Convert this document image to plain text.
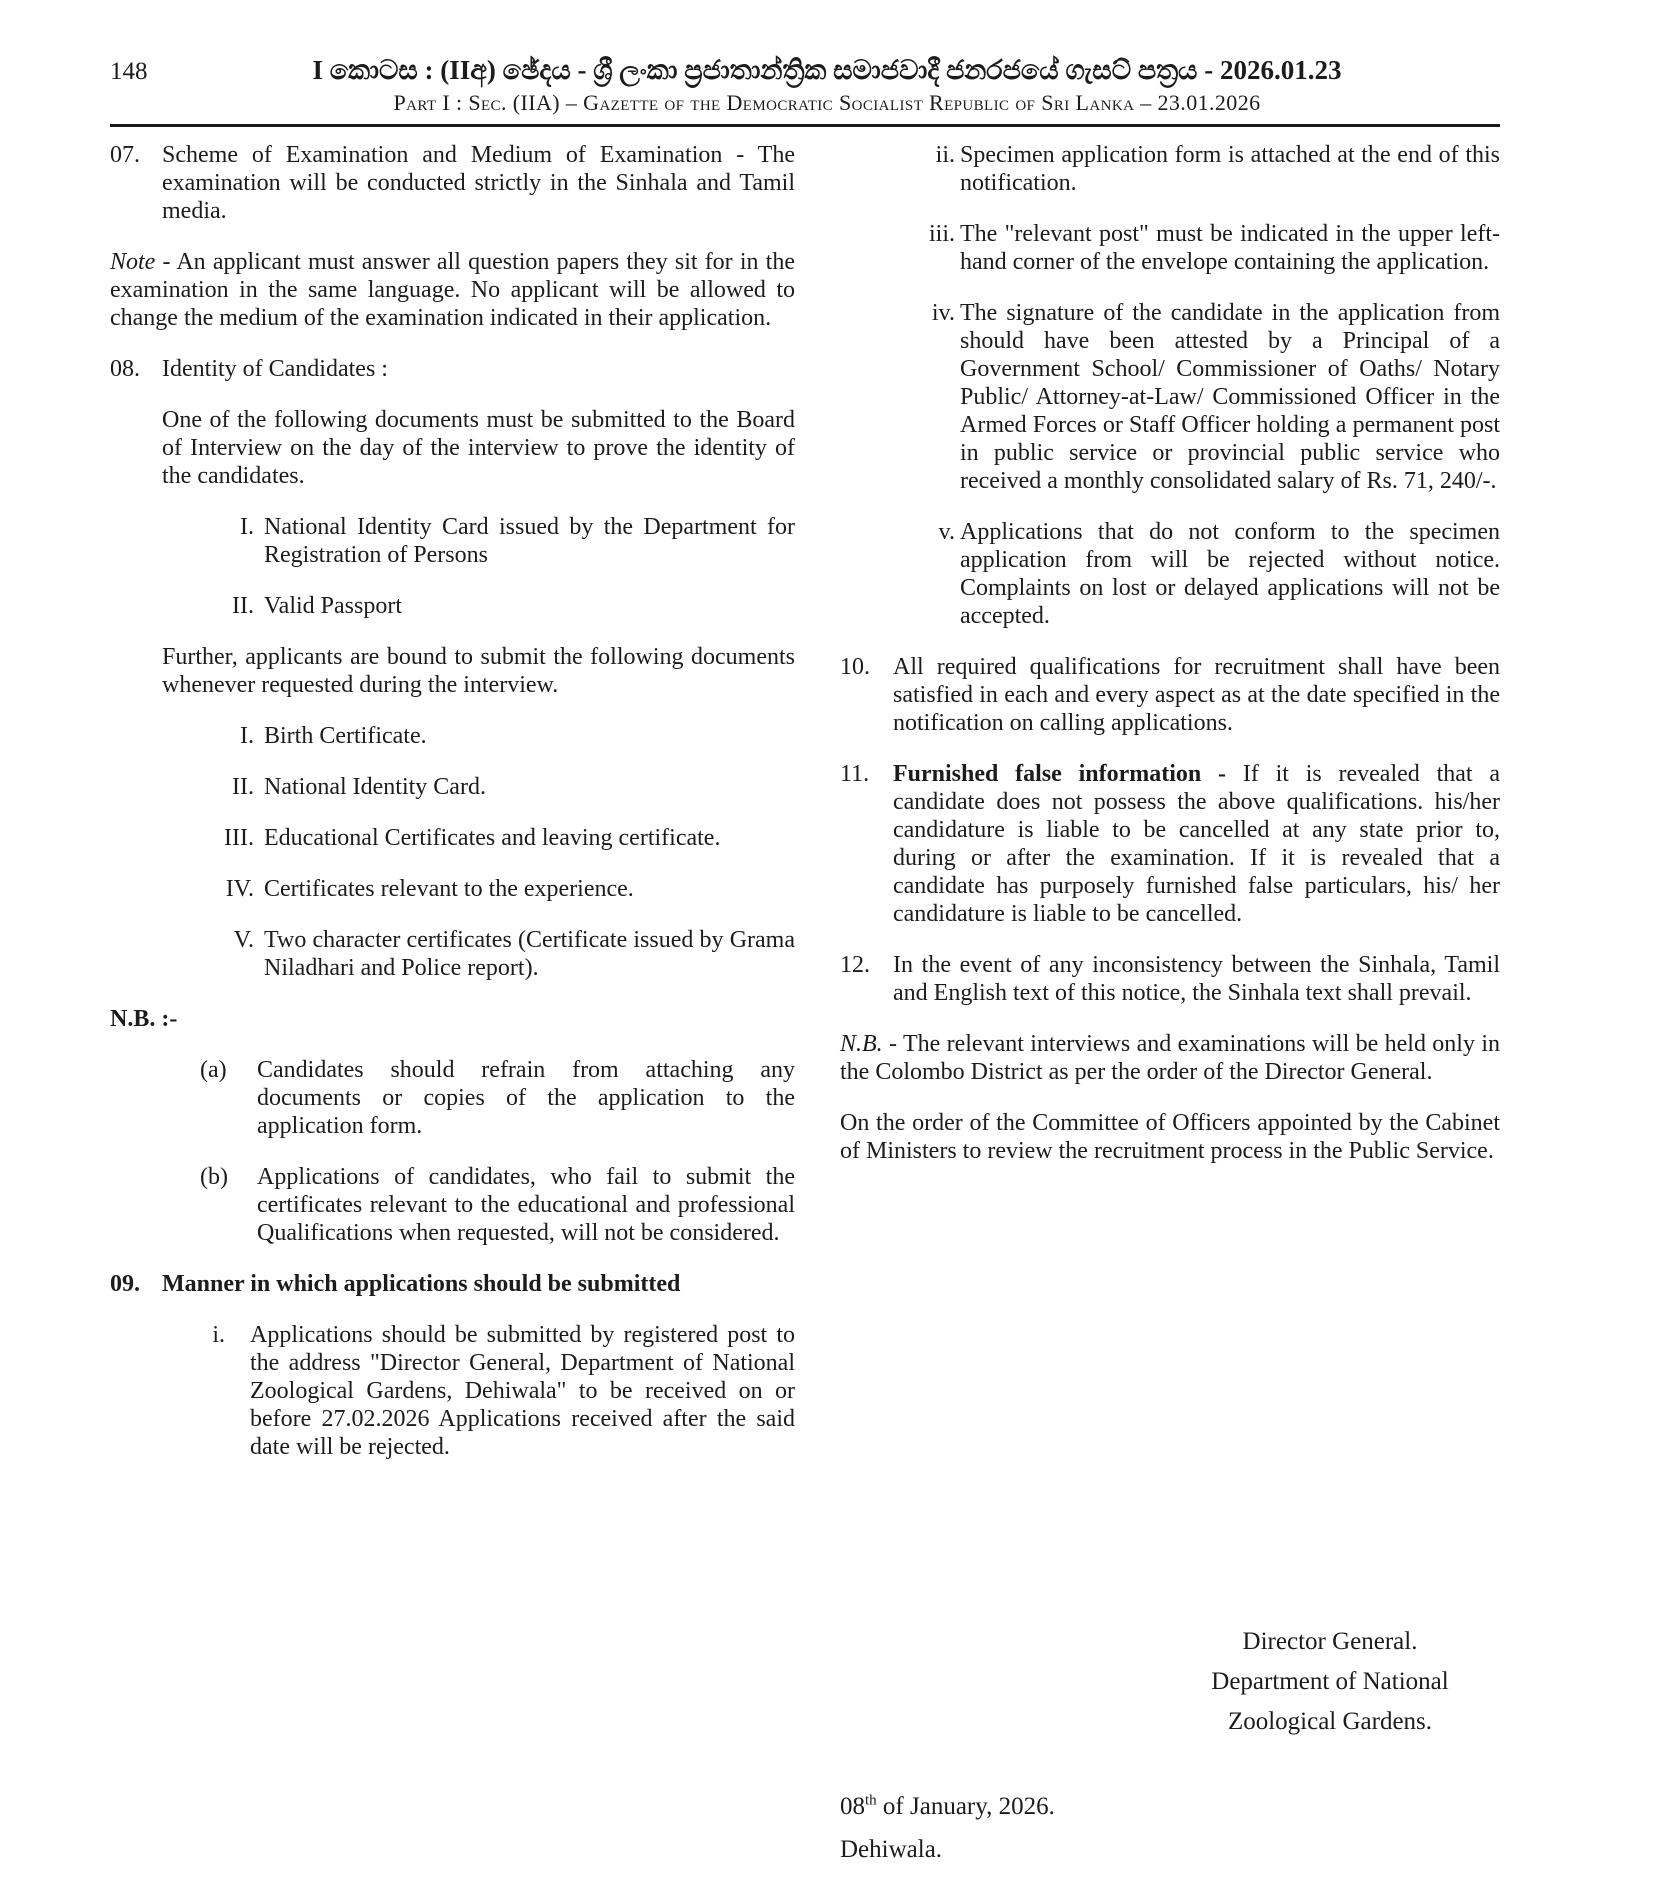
148	I කොටස : (IIඅ) ඡේදය - ශ්‍රී ලංකා ප්‍රජාතාන්ත්‍රික සමාජවාදී ජනරජයේ ගැසට් පත්‍රය - 2026.01.23
Part I : Sec. (IIA) – Gazette of the Democratic Socialist Republic of Sri Lanka – 23.01.2026
07. Scheme of Examination and Medium of Examination - The examination will be conducted strictly in the Sinhala and Tamil media.
Note - An applicant must answer all question papers they sit for in the examination in the same language. No applicant will be allowed to change the medium of the examination indicated in their application.
08. Identity of Candidates :
One of the following documents must be submitted to the Board of Interview on the day of the interview to prove the identity of the candidates.
I. National Identity Card issued by the Department for Registration of Persons
II. Valid Passport
Further, applicants are bound to submit the following documents whenever requested during the interview.
I. Birth Certificate.
II. National Identity Card.
III. Educational Certificates and leaving certificate.
IV. Certificates relevant to the experience.
V. Two character certificates (Certificate issued by Grama Niladhari and Police report).
N.B. :-
(a) Candidates should refrain from attaching any documents or copies of the application to the application form.
(b) Applications of candidates, who fail to submit the certificates relevant to the educational and professional Qualifications when requested, will not be considered.
09. Manner in which applications should be submitted
i. Applications should be submitted by registered post to the address "Director General, Department of National Zoological Gardens, Dehiwala" to be received on or before 27.02.2026 Applications received after the said date will be rejected.
ii. Specimen application form is attached at the end of this notification.
iii. The "relevant post" must be indicated in the upper left-hand corner of the envelope containing the application.
iv. The signature of the candidate in the application from should have been attested by a Principal of a Government School/ Commissioner of Oaths/ Notary Public/ Attorney-at-Law/ Commissioned Officer in the Armed Forces or Staff Officer holding a permanent post in public service or provincial public service who received a monthly consolidated salary of Rs. 71, 240/-.
v. Applications that do not conform to the specimen application from will be rejected without notice. Complaints on lost or delayed applications will not be accepted.
10. All required qualifications for recruitment shall have been satisfied in each and every aspect as at the date specified in the notification on calling applications.
11. Furnished false information - If it is revealed that a candidate does not possess the above qualifications. his/her candidature is liable to be cancelled at any state prior to, during or after the examination. If it is revealed that a candidate has purposely furnished false particulars, his/ her candidature is liable to be cancelled.
12. In the event of any inconsistency between the Sinhala, Tamil and English text of this notice, the Sinhala text shall prevail.
N.B. - The relevant interviews and examinations will be held only in the Colombo District as per the order of the Director General.
On the order of the Committee of Officers appointed by the Cabinet of Ministers to review the recruitment process in the Public Service.
Director General.
Department of National
Zoological Gardens.
08th of January, 2026.
Dehiwala.
